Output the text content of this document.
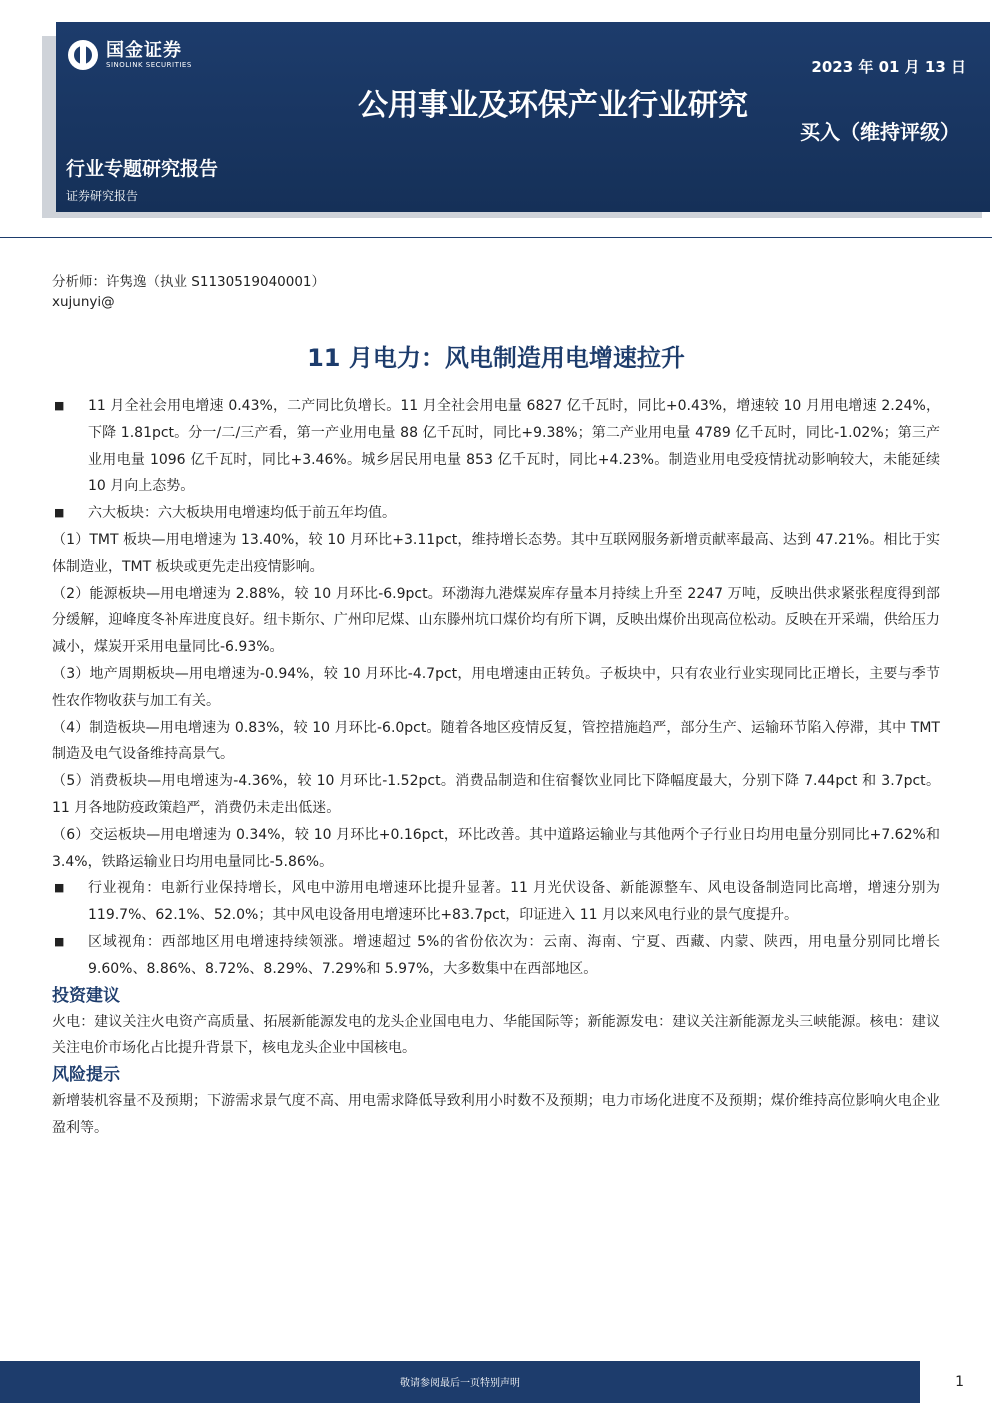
国金证券
SINOLINK SECURITIES	2023 年 01 月 13 日
公用事业及环保产业行业研究
买入（维持评级）
行业专题研究报告
证券研究报告
分析师：许隽逸（执业 S1130519040001）
xujunyi@
11 月电力：风电制造用电增速拉升

■ 11 月全社会用电增速 0.43%，二产同比负增长。11 月全社会用电量 6827 亿千瓦时，同比+0.43%，增速较 10 月用电增速 2.24%，下降 1.81pct。分一/二/三产看，第一产业用电量 88 亿千瓦时，同比+9.38%；第二产业用电量 4789 亿千瓦时，同比-1.02%；第三产业用电量 1096 亿千瓦时，同比+3.46%。城乡居民用电量 853 亿千瓦时，同比+4.23%。制造业用电受疫情扰动影响较大，未能延续 10 月向上态势。

■ 六大板块：六大板块用电增速均低于前五年均值。

（1）TMT 板块—用电增速为 13.40%，较 10 月环比+3.11pct，维持增长态势。其中互联网服务新增贡献率最高、达到 47.21%。相比于实体制造业，TMT 板块或更先走出疫情影响。

（2）能源板块—用电增速为 2.88%，较 10 月环比-6.9pct。环渤海九港煤炭库存量本月持续上升至 2247 万吨，反映出供求紧张程度得到部分缓解，迎峰度冬补库进度良好。纽卡斯尔、广州印尼煤、山东滕州坑口煤价均有所下调，反映出煤价出现高位松动。反映在开采端，供给压力减小，煤炭开采用电量同比-6.93%。

（3）地产周期板块—用电增速为-0.94%，较 10 月环比-4.7pct，用电增速由正转负。子板块中，只有农业行业实现同比正增长，主要与季节性农作物收获与加工有关。

（4）制造板块—用电增速为 0.83%，较 10 月环比-6.0pct。随着各地区疫情反复，管控措施趋严，部分生产、运输环节陷入停滞，其中 TMT 制造及电气设备维持高景气。

（5）消费板块—用电增速为-4.36%，较 10 月环比-1.52pct。消费品制造和住宿餐饮业同比下降幅度最大，分别下降 7.44pct 和 3.7pct。11 月各地防疫政策趋严，消费仍未走出低迷。

（6）交运板块—用电增速为 0.34%，较 10 月环比+0.16pct，环比改善。其中道路运输业与其他两个子行业日均用电量分别同比+7.62%和 3.4%，铁路运输业日均用电量同比-5.86%。

■ 行业视角：电新行业保持增长，风电中游用电增速环比提升显著。11 月光伏设备、新能源整车、风电设备制造同比高增，增速分别为 119.7%、62.1%、52.0%；其中风电设备用电增速环比+83.7pct，印证进入 11 月以来风电行业的景气度提升。

■ 区域视角：西部地区用电增速持续领涨。增速超过 5%的省份依次为：云南、海南、宁夏、西藏、内蒙、陕西，用电量分别同比增长 9.60%、8.86%、8.72%、8.29%、7.29%和 5.97%，大多数集中在西部地区。

投资建议

火电：建议关注火电资产高质量、拓展新能源发电的龙头企业国电电力、华能国际等；新能源发电：建议关注新能源龙头三峡能源。核电：建议关注电价市场化占比提升背景下，核电龙头企业中国核电。

风险提示

新增装机容量不及预期；下游需求景气度不高、用电需求降低导致利用小时数不及预期；电力市场化进度不及预期；煤价维持高位影响火电企业盈利等。

敬请参阅最后一页特别声明	1
